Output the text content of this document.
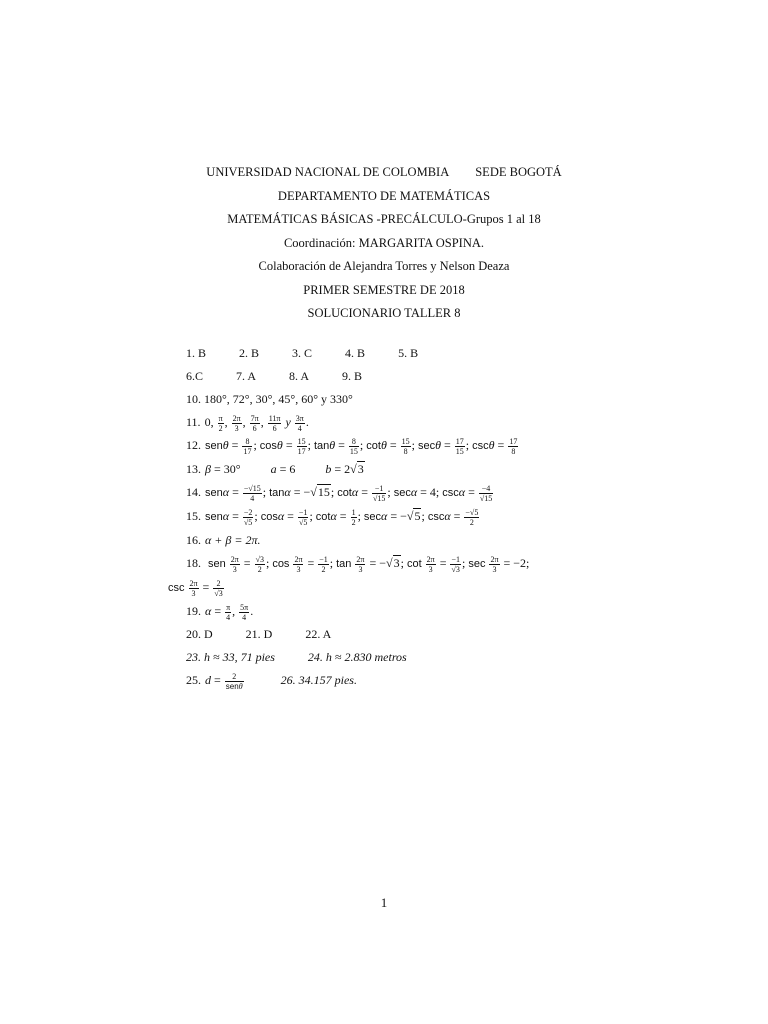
UNIVERSIDAD NACIONAL DE COLOMBIA SEDE BOGOTÁ
DEPARTAMENTO DE MATEMÁTICAS
MATEMÁTICAS BÁSICAS -PRECÁLCULO-Grupos 1 al 18
Coordinación: MARGARITA OSPINA.
Colaboración de Alejandra Torres y Nelson Deaza
PRIMER SEMESTRE DE 2018
SOLUCIONARIO TALLER 8
1. B	2. B	3. C	4. B	5. B
6.C	7. A	8. A	9. B
10. 180°, 72°, 30°, 45°, 60° y 330°
11. 0, $\frac{\pi}{2}$ , $\frac{2\pi}{3}$ , $\frac{7\pi}{6}$ , $\frac{11\pi}{6}$ y $\frac{3\pi}{4}$ .
12. $sen\theta = \frac{8}{17}$ ; $\cos\theta = \frac{15}{17}$ ; $\tan\theta = \frac{8}{15}$ ; $\cot\theta = \frac{15}{8}$ ; $\sec\theta = \frac{17}{15}$ ; $\csc\theta = \frac{17}{8}$
13. β = 30°	a = 6	b = 2√3
14. $sen\alpha = \frac{-√15}{4}$ ; tanα = −√15; $\cot\alpha = \frac{-1}{√15}$ ; secα = 4; $\csc\alpha = \frac{-4}{√15}$
15. $sen\alpha = \frac{-2}{√5}$ ; $\cos\alpha = \frac{-1}{√5}$ ; $\cot\alpha = \frac{1}{2}$ ; secα = −√5; $\csc\alpha = \frac{-√5}{2}$
16. α + β = 2π.
18. sen $\frac{2\pi}{3} = \frac{√3}{2}$ ; $\cos \frac{2\pi}{3} = \frac{-1}{2}$ ; $\tan \frac{2\pi}{3} = -√3$; $\cot \frac{2\pi}{3} = \frac{-1}{√3}$ ; $\sec \frac{2\pi}{3} = -2$;
$\csc \frac{2\pi}{3} = \frac{2}{√3}$
19. $\alpha = \frac{\pi}{4}$ , $\frac{5\pi}{4}$ .
20. D	21. D	22. A
23. h ≈ 33, 71 pies	24. h ≈ 2.830 metros
25. $d = \frac{2}{\text{senθ}}$	26. 34.157 pies.
1
